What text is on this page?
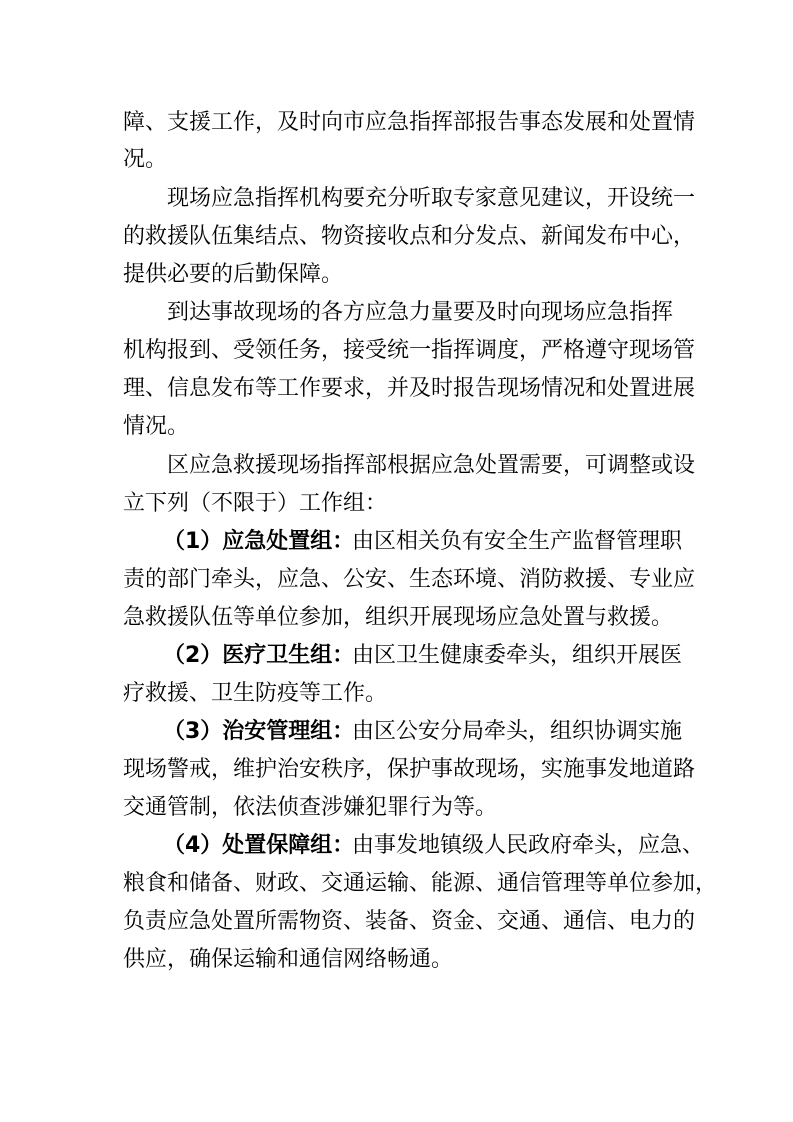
障、支援工作，及时向市应急指挥部报告事态发展和处置情
况。
现场应急指挥机构要充分听取专家意见建议，开设统一
的救援队伍集结点、物资接收点和分发点、新闻发布中心，
提供必要的后勤保障。
到达事故现场的各方应急力量要及时向现场应急指挥
机构报到、受领任务，接受统一指挥调度，严格遵守现场管
理、信息发布等工作要求，并及时报告现场情况和处置进展
情况。
区应急救援现场指挥部根据应急处置需要，可调整或设
立下列（不限于）工作组：
（1）应急处置组：
由区相关负有安全生产监督管理职
责的部门牵头，应急、公安、生态环境、消防救援、专业应
急救援队伍等单位参加，组织开展现场应急处置与救援。
（2）医疗卫生组：
由区卫生健康委牵头，组织开展医
疗救援、卫生防疫等工作。
（3）治安管理组：
由区公安分局牵头，组织协调实施
现场警戒，维护治安秩序，保护事故现场，实施事发地道路
交通管制，依法侦查涉嫌犯罪行为等。
（4）处置保障组：
由事发地镇级人民政府牵头，应急、
粮食和储备、财政、交通运输、能源、通信管理等单位参加，
负责应急处置所需物资、装备、资金、交通、通信、电力的
供应，确保运输和通信网络畅通。
